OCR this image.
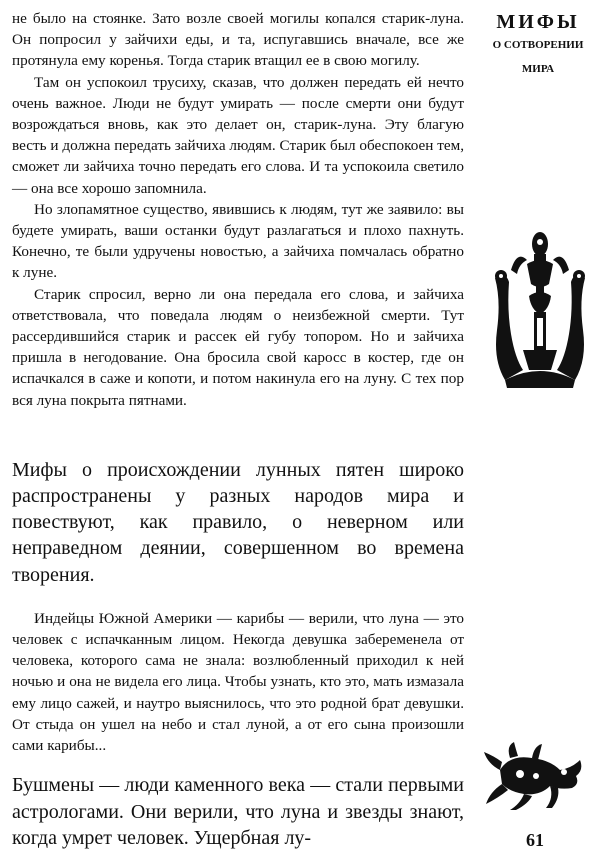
не было на стоянке. Зато возле своей могилы копался старик-луна. Он попросил у зайчихи еды, и та, испугавшись вначале, все же протянула ему коренья. Тогда старик втащил ее в свою могилу.

Там он успокоил трусиху, сказав, что должен передать ей нечто очень важное. Люди не будут умирать — после смерти они будут возрождаться вновь, как это делает он, старик-луна. Эту благую весть и должна передать зайчиха людям. Старик был обеспокоен тем, сможет ли зайчиха точно передать его слова. И та успокоила светило — она все хорошо запомнила.

Но злопамятное существо, явившись к людям, тут же заявило: вы будете умирать, ваши останки будут разлагаться и плохо пахнуть. Конечно, те были удручены новостью, а зайчиха помчалась обратно к луне.

Старик спросил, верно ли она передала его слова, и зайчиха ответствовала, что поведала людям о неизбежной смерти. Тут рассердившийся старик и рассек ей губу топором. Но и зайчиха пришла в негодование. Она бросила свой каросс в костер, где он испачкался в саже и копоти, и потом накинула его на луну. С тех пор вся луна покрыта пятнами.

Мифы о происхождении лунных пятен широко распространены у разных народов мира и повествуют, как правило, о неверном или неправедном деянии, совершенном во времена творения.

Индейцы Южной Америки — карибы — верили, что луна — это человек с испачканным лицом. Некогда девушка забеременела от человека, которого сама не знала: возлюбленный приходил к ней ночью и она не видела его лица. Чтобы узнать, кто это, мать измазала ему лицо сажей, и наутро выяснилось, что это родной брат девушки. От стыда он ушел на небо и стал луной, а от его сына произошли сами карибы...

Бушмены — люди каменного века — стали первыми астрологами. Они верили, что луна и звезды знают, когда умрет человек. Ущербная лу-

МИФЫ
О СОТВОРЕНИИ
МИРА
61
